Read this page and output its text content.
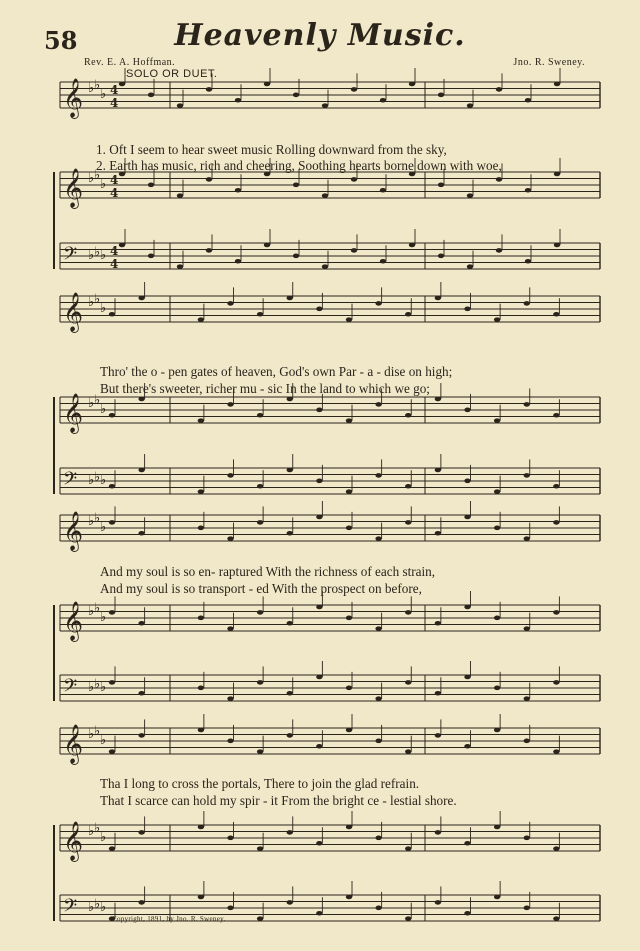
58	Heavenly Music.
Rev. E. A. Hoffman.	Jno. R. Sweney.
SOLO OR DUET.
𝄞 ♭ ♭
♭ 4
4
𝄞 ♭ ♭
♭ 4
4
𝄢 ♭ ♭ ♭ 4
4
𝄞 ♭ ♭
♭
𝄞 ♭ ♭
♭
𝄢 ♭ ♭ ♭
𝄞 ♭ ♭
♭
𝄞 ♭ ♭
♭
𝄢 ♭ ♭ ♭
𝄞 ♭ ♭
♭
𝄞 ♭ ♭
♭
𝄢 ♭ ♭ ♭
1. Oft I seem to hear sweet music Rolling downward from the sky,
2. Earth has music, rich and cheering, Soothing hearts borne down with woe,
Thro' the o - pen gates of heaven, God's own Par - a - dise on high;
But there's sweeter, richer mu - sic In the land to which we go;
And my soul is so en- raptured With the richness of each strain,
And my soul is so transport - ed With the prospect on before,
Tha I long to cross the portals, There to join the glad refrain.
That I scarce can hold my spir - it From the bright ce - lestial shore.
Copyright, 1891, by Jno. R. Sweney.
